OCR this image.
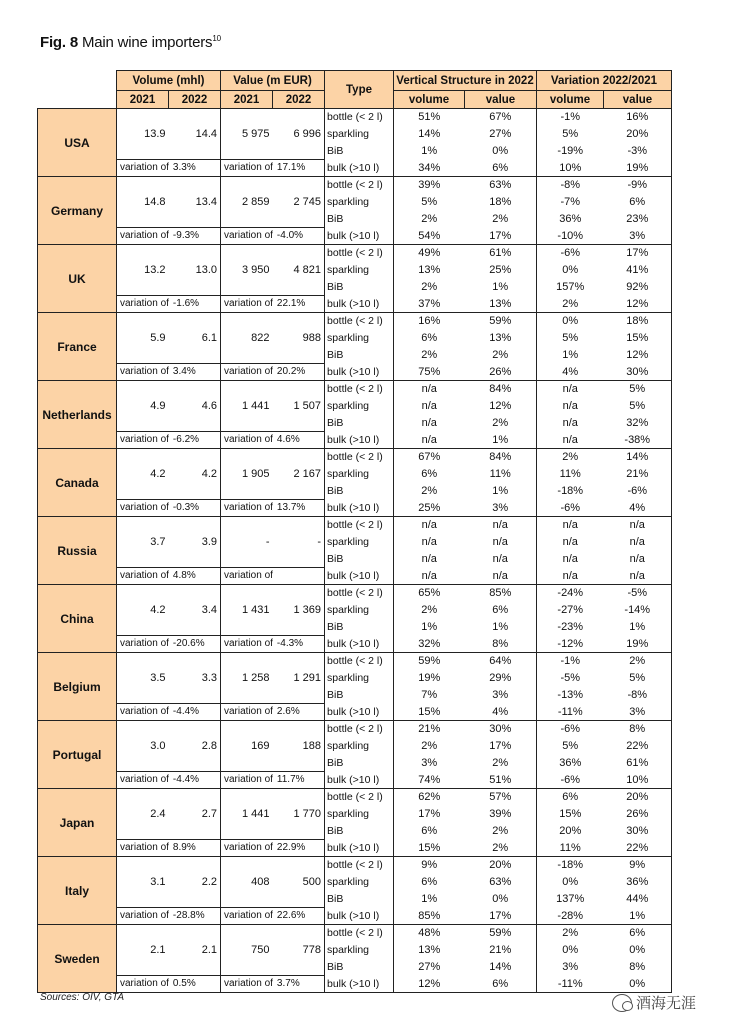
Fig. 8 Main wine importers$^{10}$
	Volume (mhl)		Value (m EUR)		Type	Vertical Structure in 2022		Variation 2022/2021	
	2021	2022	2021	2022		volume	value	volume	value
USA	13.9	14.4	5 975	6 996	bottle (< 2 l)	51%	67%	-1%	16%
					sparkling	14%	27%	5%	20%
					BiB	1%	0%	-19%	-3%
	variation of 3.3%		variation of 17.1%		bulk (>10 l)	34%	6%	10%	19%
Germany	14.8	13.4	2 859	2 745	bottle (< 2 l)	39%	63%	-8%	-9%
					sparkling	5%	18%	-7%	6%
					BiB	2%	2%	36%	23%
	variation of -9.3%		variation of -4.0%		bulk (>10 l)	54%	17%	-10%	3%
UK	13.2	13.0	3 950	4 821	bottle (< 2 l)	49%	61%	-6%	17%
					sparkling	13%	25%	0%	41%
					BiB	2%	1%	157%	92%
	variation of -1.6%		variation of 22.1%		bulk (>10 l)	37%	13%	2%	12%
France	5.9	6.1	822	988	bottle (< 2 l)	16%	59%	0%	18%
					sparkling	6%	13%	5%	15%
					BiB	2%	2%	1%	12%
	variation of 3.4%		variation of 20.2%		bulk (>10 l)	75%	26%	4%	30%
Netherlands	4.9	4.6	1 441	1 507	bottle (< 2 l)	n/a	84%	n/a	5%
					sparkling	n/a	12%	n/a	5%
					BiB	n/a	2%	n/a	32%
	variation of -6.2%		variation of 4.6%		bulk (>10 l)	n/a	1%	n/a	-38%
Canada	4.2	4.2	1 905	2 167	bottle (< 2 l)	67%	84%	2%	14%
					sparkling	6%	11%	11%	21%
					BiB	2%	1%	-18%	-6%
	variation of -0.3%		variation of 13.7%		bulk (>10 l)	25%	3%	-6%	4%
Russia	3.7	3.9	-	-	bottle (< 2 l)	n/a	n/a	n/a	n/a
					sparkling	n/a	n/a	n/a	n/a
					BiB	n/a	n/a	n/a	n/a
	variation of 4.8%		variation of		bulk (>10 l)	n/a	n/a	n/a	n/a
China	4.2	3.4	1 431	1 369	bottle (< 2 l)	65%	85%	-24%	-5%
					sparkling	2%	6%	-27%	-14%
					BiB	1%	1%	-23%	1%
	variation of -20.6%		variation of -4.3%		bulk (>10 l)	32%	8%	-12%	19%
Belgium	3.5	3.3	1 258	1 291	bottle (< 2 l)	59%	64%	-1%	2%
					sparkling	19%	29%	-5%	5%
					BiB	7%	3%	-13%	-8%
	variation of -4.4%		variation of 2.6%		bulk (>10 l)	15%	4%	-11%	3%
Portugal	3.0	2.8	169	188	bottle (< 2 l)	21%	30%	-6%	8%
					sparkling	2%	17%	5%	22%
					BiB	3%	2%	36%	61%
	variation of -4.4%		variation of 11.7%		bulk (>10 l)	74%	51%	-6%	10%
Japan	2.4	2.7	1 441	1 770	bottle (< 2 l)	62%	57%	6%	20%
					sparkling	17%	39%	15%	26%
					BiB	6%	2%	20%	30%
	variation of 8.9%		variation of 22.9%		bulk (>10 l)	15%	2%	11%	22%
Italy	3.1	2.2	408	500	bottle (< 2 l)	9%	20%	-18%	9%
					sparkling	6%	63%	0%	36%
					BiB	1%	0%	137%	44%
	variation of -28.8%		variation of 22.6%		bulk (>10 l)	85%	17%	-28%	1%
Sweden	2.1	2.1	750	778	bottle (< 2 l)	48%	59%	2%	6%
					sparkling	13%	21%	0%	0%
					BiB	27%	14%	3%	8%
	variation of 0.5%		variation of 3.7%		bulk (>10 l)	12%	6%	-11%	0%
Sources: OIV, GTA	酒海无涯
